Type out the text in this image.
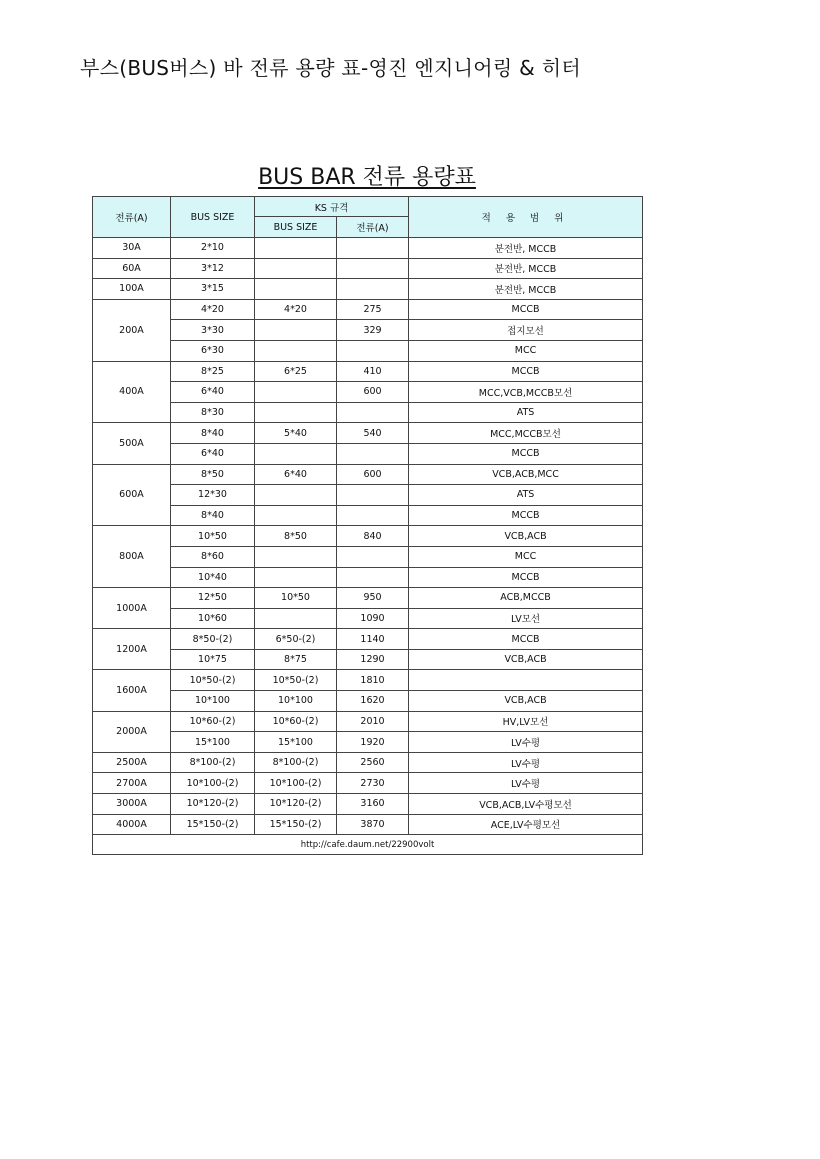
부스(BUS버스) 바 전류 용량 표-영진 엔지니어링 & 히터
BUS BAR 전류 용량표
전류(A)	BUS SIZE	KS 규격		적 용 범 위
		BUS SIZE	전류(A)	
30A	2*10			분전반, MCCB
60A	3*12			분전반, MCCB
100A	3*15			분전반, MCCB
200A	4*20	4*20	275	MCCB
	3*30		329	접지모선
	6*30			MCC
400A	8*25	6*25	410	MCCB
	6*40		600	MCC,VCB,MCCB모선
	8*30			ATS
500A	8*40	5*40	540	MCC,MCCB모선
	6*40			MCCB
600A	8*50	6*40	600	VCB,ACB,MCC
	12*30			ATS
	8*40			MCCB
800A	10*50	8*50	840	VCB,ACB
	8*60			MCC
	10*40			MCCB
1000A	12*50	10*50	950	ACB,MCCB
	10*60		1090	LV모선
1200A	8*50-(2)	6*50-(2)	1140	MCCB
	10*75	8*75	1290	VCB,ACB
1600A	10*50-(2)	10*50-(2)	1810	
	10*100	10*100	1620	VCB,ACB
2000A	10*60-(2)	10*60-(2)	2010	HV,LV모선
	15*100	15*100	1920	LV수평
2500A	8*100-(2)	8*100-(2)	2560	LV수평
2700A	10*100-(2)	10*100-(2)	2730	LV수평
3000A	10*120-(2)	10*120-(2)	3160	VCB,ACB,LV수평모선
4000A	15*150-(2)	15*150-(2)	3870	ACE,LV수평모선
http://cafe.daum.net/22900volt				
